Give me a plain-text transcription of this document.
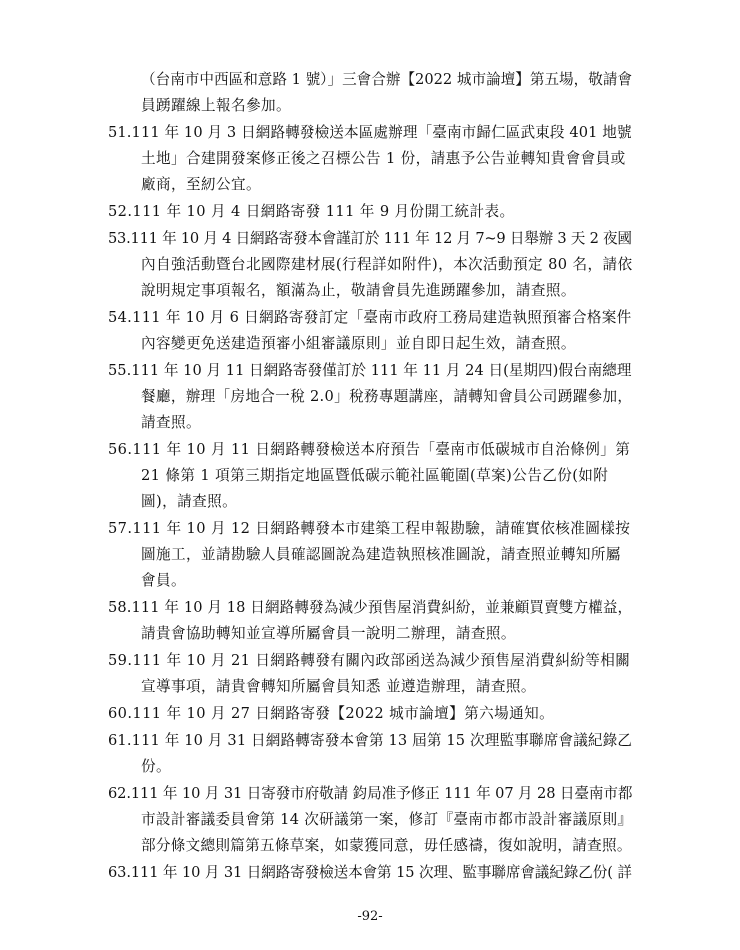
（台南市中西區和意路 1 號）」三會合辦【2022 城市論壇】第五場，敬請會
員踴躍線上報名參加。
51.111 年 10 月 3 日網路轉發檢送本區處辦理「臺南市歸仁區武東段 401 地號
土地」合建開發案修正後之召標公告 1 份，請惠予公告並轉知貴會會員或
廠商，至紉公宜。
52.111 年 10 月 4 日網路寄發 111 年 9 月份開工統計表。
53.111 年 10 月 4 日網路寄發本會謹訂於 111 年 12 月 7~9 日舉辦 3 天 2 夜國
內自強活動暨台北國際建材展(行程詳如附件)，本次活動預定 80 名，請依
說明規定事項報名，額滿為止，敬請會員先進踴躍參加，請查照。
54.111 年 10 月 6 日網路寄發訂定「臺南市政府工務局建造執照預審合格案件
內容變更免送建造預審小組審議原則」並自即日起生效，請查照。
55.111 年 10 月 11 日網路寄發僅訂於 111 年 11 月 24 日(星期四)假台南總理
餐廳，辦理「房地合一稅 2.0」稅務專題講座，請轉知會員公司踴躍參加，
請查照。
56.111 年 10 月 11 日網路轉發檢送本府預告「臺南市低碳城市自治條例」第
21 條第 1 項第三期指定地區暨低碳示範社區範圍(草案)公告乙份(如附
圖)，請查照。
57.111 年 10 月 12 日網路轉發本市建築工程申報勘驗，請確實依核准圖樣按
圖施工，並請勘驗人員確認圖說為建造執照核准圖說，請查照並轉知所屬
會員。
58.111 年 10 月 18 日網路轉發為減少預售屋消費糾紛，並兼顧買賣雙方權益，
請貴會協助轉知並宣導所屬會員一說明二辦理，請查照。
59.111 年 10 月 21 日網路轉發有關內政部函送為減少預售屋消費糾紛等相關
宣導事項，請貴會轉知所屬會員知悉 並遵造辦理，請查照。
60.111 年 10 月 27 日網路寄發【2022 城市論壇】第六場通知。
61.111 年 10 月 31 日網路轉寄發本會第 13 屆第 15 次理監事聯席會議紀錄乙
份。
62.111 年 10 月 31 日寄發市府敬請 鈞局准予修正 111 年 07 月 28 日臺南市都
市設計審議委員會第 14 次研議第一案，修訂『臺南市都市設計審議原則』
部分條文總則篇第五條草案，如蒙獲同意，毋任感禱，復如說明，請查照。
63.111 年 10 月 31 日網路寄發檢送本會第 15 次理、監事聯席會議紀錄乙份( 詳
-92-
